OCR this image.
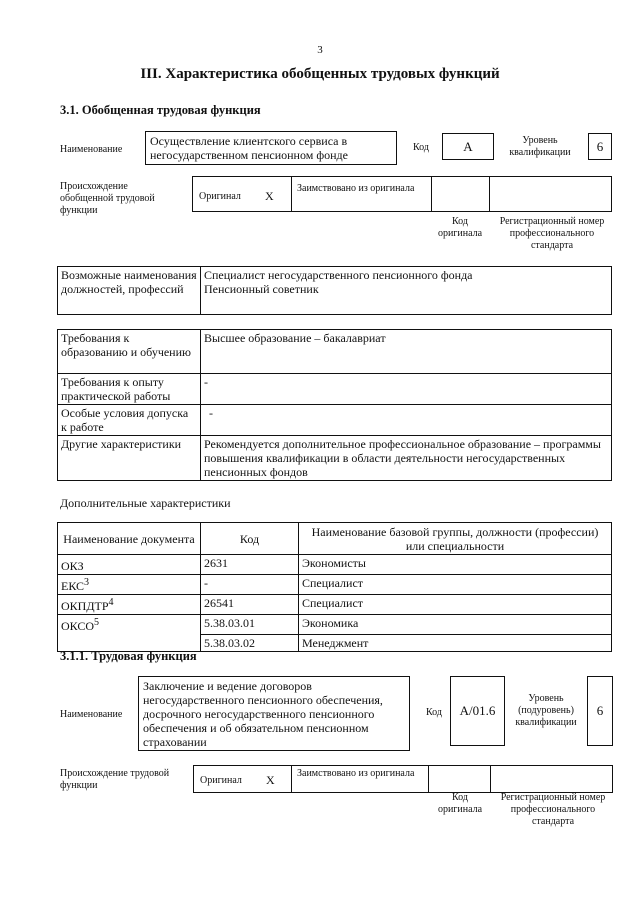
3
III. Характеристика обобщенных трудовых функций
3.1. Обобщенная трудовая функция
Наименование
Осуществление клиентского сервиса в негосударственном пенсионном фонде
Код	A	Уровень квалификации	6
Происхождение обобщенной трудовой функции
Оригинал X
Заимствовано из оригинала
Код оригинала
Регистрационный номер профессионального стандарта
Возможные наименования должностей, профессий	
Специалист негосударственного пенсионного фонда
Пенсионный советник
Требования к образованию и обучению	Высшее образование – бакалавриат
Требования к опыту практической работы	-
Особые условия допуска к работе	-
Другие характеристики	Рекомендуется дополнительное профессиональное образование – программы повышения квалификации в области деятельности негосударственных пенсионных фондов
Дополнительные характеристики
Наименование документа	Код	Наименование базовой группы, должности (профессии) или специальности
ОКЗ	2631	Экономисты
ЕКС$^3$	-	Специалист
ОКПДТР$^4$	26541	Специалист
ОКСО$^5$	5.38.03.01	Экономика
	5.38.03.02	Менеджмент
3.1.1. Трудовая функция
Наименование
Заключение и ведение договоров негосударственного пенсионного обеспечения, досрочного негосударственного пенсионного обеспечения и об обязательном пенсионном страховании
Код	A/01.6
Уровень (подуровень) квалификации
6
Происхождение трудовой функции	Оригинал X Заимствовано из оригинала
Код оригинала
Регистрационный номер профессионального стандарта
